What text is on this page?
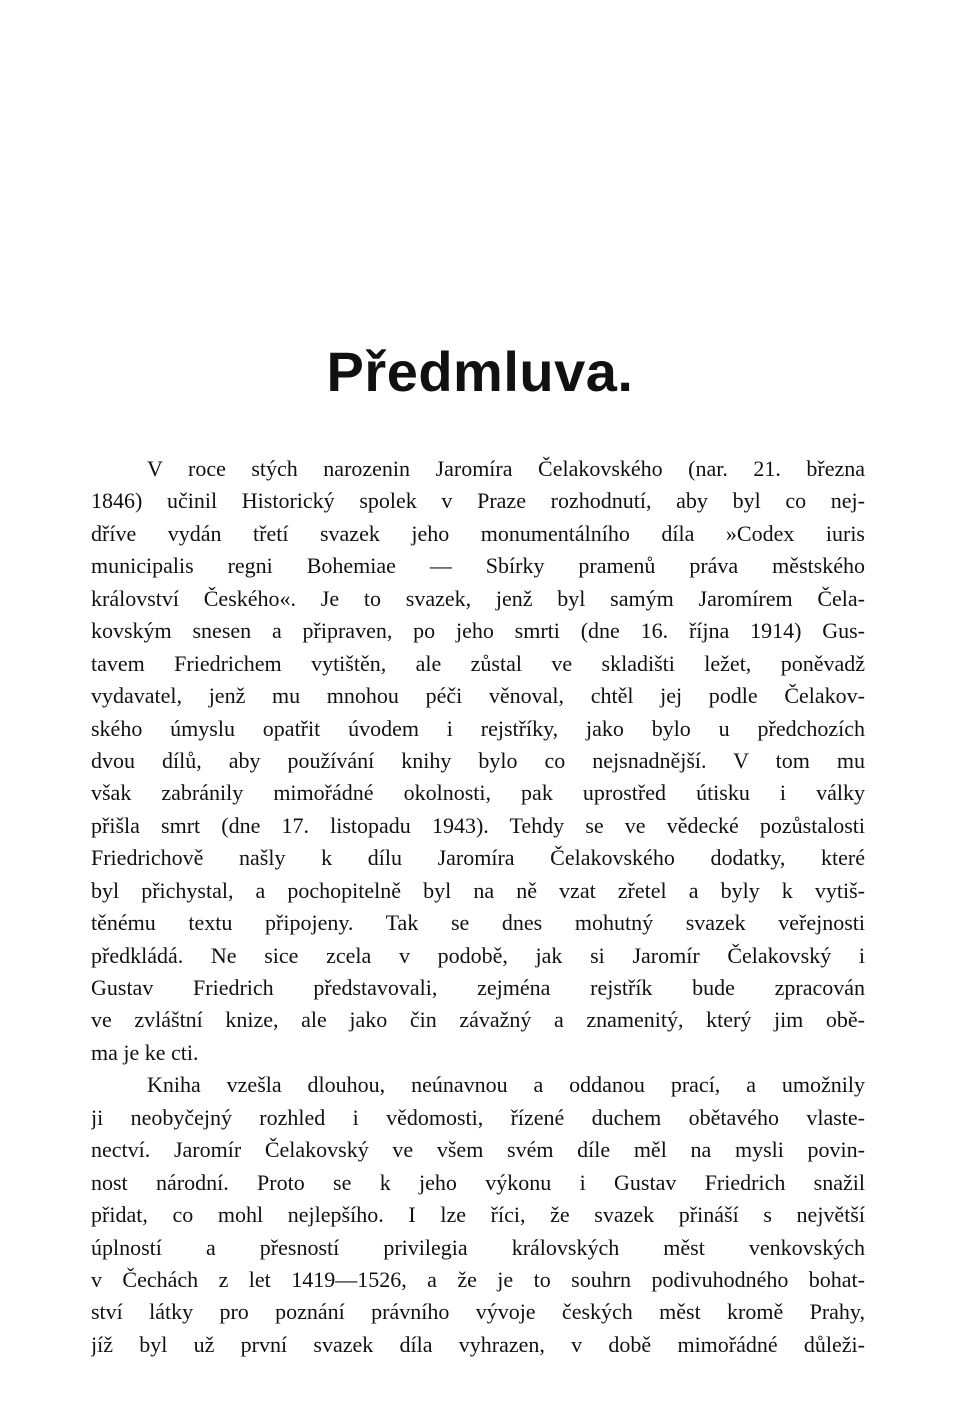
Předmluva.
V roce stých narozenin Jaromíra Čelakovského (nar. 21. března
1846) učinil Historický spolek v Praze rozhodnutí, aby byl co nej-
dříve vydán třetí svazek jeho monumentálního díla »Codex iuris
municipalis regni Bohemiae — Sbírky pramenů práva městského
království Českého«. Je to svazek, jenž byl samým Jaromírem Čela-
kovským snesen a připraven, po jeho smrti (dne 16. října 1914) Gus-
tavem Friedrichem vytištěn, ale zůstal ve skladišti ležet, poněvadž
vydavatel, jenž mu mnohou péči věnoval, chtěl jej podle Čelakov-
ského úmyslu opatřit úvodem i rejstříky, jako bylo u předchozích
dvou dílů, aby používání knihy bylo co nejsnadnější. V tom mu
však zabránily mimořádné okolnosti, pak uprostřed útisku i války
přišla smrt (dne 17. listopadu 1943). Tehdy se ve vědecké pozůstalosti
Friedrichově našly k dílu Jaromíra Čelakovského dodatky, které
byl přichystal, a pochopitelně byl na ně vzat zřetel a byly k vytiš-
těnému textu připojeny. Tak se dnes mohutný svazek veřejnosti
předkládá. Ne sice zcela v podobě, jak si Jaromír Čelakovský i
Gustav Friedrich představovali, zejména rejstřík bude zpracován
ve zvláštní knize, ale jako čin závažný a znamenitý, který jim obě-
ma je ke cti.
Kniha vzešla dlouhou, neúnavnou a oddanou prací, a umožnily
ji neobyčejný rozhled i vědomosti, řízené duchem obětavého vlaste-
nectví. Jaromír Čelakovský ve všem svém díle měl na mysli povin-
nost národní. Proto se k jeho výkonu i Gustav Friedrich snažil
přidat, co mohl nejlepšího. I lze říci, že svazek přináší s největší
úplností a přesností privilegia královských měst venkovských
v Čechách z let 1419—1526, a že je to souhrn podivuhodného bohat-
ství látky pro poznání právního vývoje českých měst kromě Prahy,
jíž byl už první svazek díla vyhrazen, v době mimořádné důleži-
